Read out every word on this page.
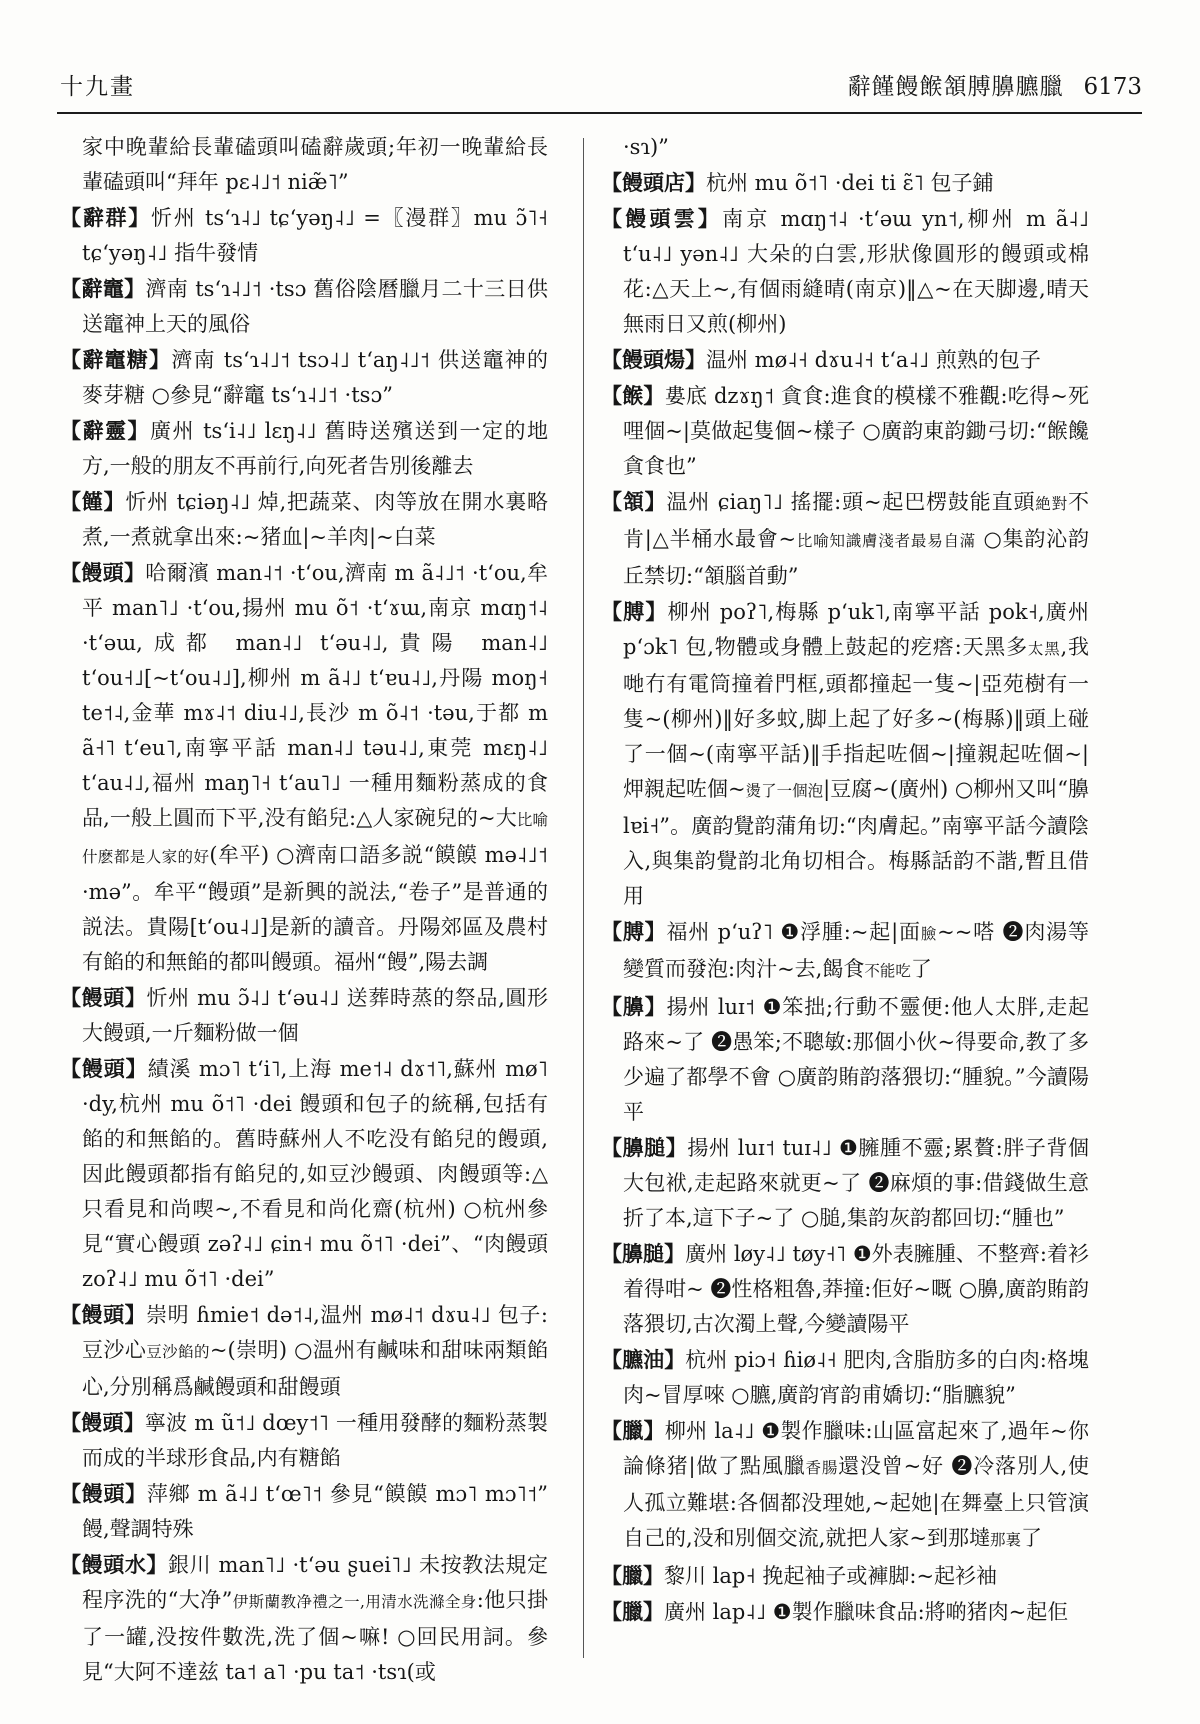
十九畫	辭饉饅餱頷膊䑄臕臘 6173

家中晚輩給長輩磕頭叫磕辭歲頭;年初一晚輩給長輩磕頭叫“拜年 pɛ˨˩˦ niæ̃˥”

【辭群】忻州 tsʻɿ˨˩ tɕʻyəŋ˨˩ =〖漫群〗mu ɔ̃˥˧ tɕʻyəŋ˨˩ 指牛發情

【辭竈】濟南 tsʻɿ˨˩˦ ·tsɔ 舊俗陰曆臘月二十三日供送竈神上天的風俗

【辭竈糖】濟南 tsʻɿ˨˩˦ tsɔ˨˩ tʻaŋ˨˩˦ 供送竈神的麥芽糖 ○參見“辭竈 tsʻɿ˨˩˦ ·tsɔ”

【辭靈】廣州 tsʻi˨˩ lɛŋ˨˩ 舊時送殯送到一定的地方,一般的朋友不再前行,向死者告別後離去

【饉】忻州 tɕiəŋ˨˩ 焯,把蔬菜、肉等放在開水裏略煮,一煮就拿出來:~猪血|~羊肉|~白菜

【饅頭】哈爾濱 man˨˦ ·tʻou,濟南 m ã˨˩˦ ·tʻou,牟平 man˥˩ ·tʻou,揚州 mu õ˦ ·tʻɤɯ,南京 mɑŋ˦˨ ·tʻəɯ,成都 man˨˩ tʻəu˨˩,貴陽 man˨˩ tʻou˧˩[~tʻou˨˩],柳州 m ã˨˩ tʻɐu˨˩,丹陽 moŋ˧ te˦˨,金華 mɤ˨˦ diu˨˩,長沙 m õ˨˦ ·təu,于都 m ã˧˥ tʻeu˥,南寧平話 man˨˩ təu˨˩,東莞 mɛŋ˨˩ tʻau˨˩,福州 maŋ˥˧ tʻau˥˩ 一種用麵粉蒸成的食品,一般上圓而下平,没有餡兒:△人家碗兒的~大比喻什麽都是人家的好(牟平) ○濟南口語多説“饃饃 mə˨˩˦ ·mə”。牟平“饅頭”是新興的説法,“卷子”是普通的説法。貴陽[tʻou˨˩]是新的讀音。丹陽郊區及農村有餡的和無餡的都叫饅頭。福州“饅”,陽去調

【饅頭】忻州 mu ɔ̃˨˩ tʻəu˨˩ 送葬時蒸的祭品,圓形大饅頭,一斤麵粉做一個

【饅頭】績溪 mɔ˥ tʻi˥,上海 me˦˨ dɤ˦˥,蘇州 mø˥ ·dy,杭州 mu õ˦˥ ·dei 饅頭和包子的統稱,包括有餡的和無餡的。舊時蘇州人不吃没有餡兒的饅頭,因此饅頭都指有餡兒的,如豆沙饅頭、肉饅頭等:△只看見和尚喫~,不看見和尚化齋(杭州) ○杭州參見“實心饅頭 zəʔ˨˩ ɕin˧ mu õ˦˥ ·dei”、“肉饅頭 zoʔ˨˩ mu õ˦˥ ·dei”

【饅頭】崇明 ɦmie˦ də˦˨,温州 mø˨˦ dɤu˨˩ 包子:豆沙心豆沙餡的~(崇明) ○温州有鹹味和甜味兩類餡心,分別稱爲鹹饅頭和甜饅頭

【饅頭】寧波 m ũ˦˩ dœy˦˥ 一種用發酵的麵粉蒸製而成的半球形食品,内有糖餡

【饅頭】萍鄉 m ã˨˩ tʻœ˥˦ 參見“饃饃 mɔ˥ mɔ˥˦” 饅,聲調特殊

【饅頭水】銀川 man˥˩ ·tʻəu ʂuei˥˩ 未按教法規定程序洗的“大净”伊斯蘭教净禮之一,用清水洗滌全身:他只掛了一罐,没按件數洗,洗了個~嘛! ○回民用詞。參見“大阿不達兹 ta˦ a˥ ·pu ta˦ ·tsɿ(或

·sɿ)”

【饅頭店】杭州 mu õ˦˥ ·dei ti ɛ̃˥ 包子鋪

【饅頭雲】南京 mɑŋ˦˨ ·tʻəɯ yn˦,柳州 m ã˨˩ tʻu˨˩ yən˨˩ 大朵的白雲,形狀像圓形的饅頭或棉花:△天上~,有個雨縫晴(南京)‖△~在天脚邊,晴天無雨日又煎(柳州)

【饅頭煬】温州 mø˨˧ dɤu˨˧ tʻa˨˩ 煎熟的包子

【餱】婁底 dzɤŋ˦ 貪食:進食的模樣不雅觀:吃得~死哩個~|莫做起隻個~樣子 ○廣韵東韵鋤弓切:“餱饞貪食也”

【頷】温州 ɕiaŋ˥˩ 搖擺:頭~起巴楞鼓能直頭絶對不肯|△半桶水最會~比喻知識膚淺者最易自滿 ○集韵沁韵丘禁切:“頷腦首動”

【膊】柳州 poʔ˥,梅縣 pʻuk˥,南寧平話 pok˧,廣州 pʻɔk˥ 包,物體或身體上鼓起的疙瘩:天黑多太黑,我哋冇有電筒撞着門框,頭都撞起一隻~|亞苑樹有一隻~(柳州)‖好多蚊,脚上起了好多~(梅縣)‖頭上碰了一個~(南寧平話)‖手指起咗個~|撞親起咗個~|炠親起咗個~燙了一個泡|豆腐~(廣州) ○柳州又叫“䑄 lɐi˧”。廣韵覺韵蒲角切:“肉膚起。”南寧平話今讀陰入,與集韵覺韵北角切相合。梅縣話韵不諧,暫且借用

【膊】福州 pʻuʔ˥ ❶浮腫:~起|面臉~~嗒 ❷肉湯等變質而發泡:肉汁~去,餲食不能吃了

【䑄】揚州 luɪ˦ ❶笨拙;行動不靈便:他人太胖,走起路來~了 ❷愚笨;不聰敏:那個小伙~得要命,教了多少遍了都學不會 ○廣韵賄韵落猥切:“腫貌。”今讀陽平

【䑄膇】揚州 luɪ˦ tuɪ˨˩ ❶臃腫不靈;累贅:胖子背個大包袱,走起路來就更~了 ❷麻煩的事:借錢做生意折了本,這下子~了 ○膇,集韵灰韵都回切:“腫也”

【䑄膇】廣州 løy˨˩ tøy˧˥ ❶外表臃腫、不整齊:着衫着得咁~ ❷性格粗魯,莽撞:佢好~嘅 ○䑄,廣韵賄韵落猥切,古次濁上聲,今變讀陽平

【臕油】杭州 piɔ˧ ɦiø˨˧ 肥肉,含脂肪多的白肉:格塊肉~冒厚唻 ○臕,廣韵宵韵甫嬌切:“脂臕貌”

【臘】柳州 la˨˩ ❶製作臘味:山區富起來了,過年~你論條猪|做了點風臘香腸還没曾~好 ❷冷落別人,使人孤立難堪:各個都没理她,~起她|在舞臺上只管演自己的,没和別個交流,就把人家~到那墶那裏了

【臘】黎川 lap˧ 挽起袖子或褲脚:~起衫袖

【臘】廣州 lap˨˩ ❶製作臘味食品:將啲猪肉~起佢
